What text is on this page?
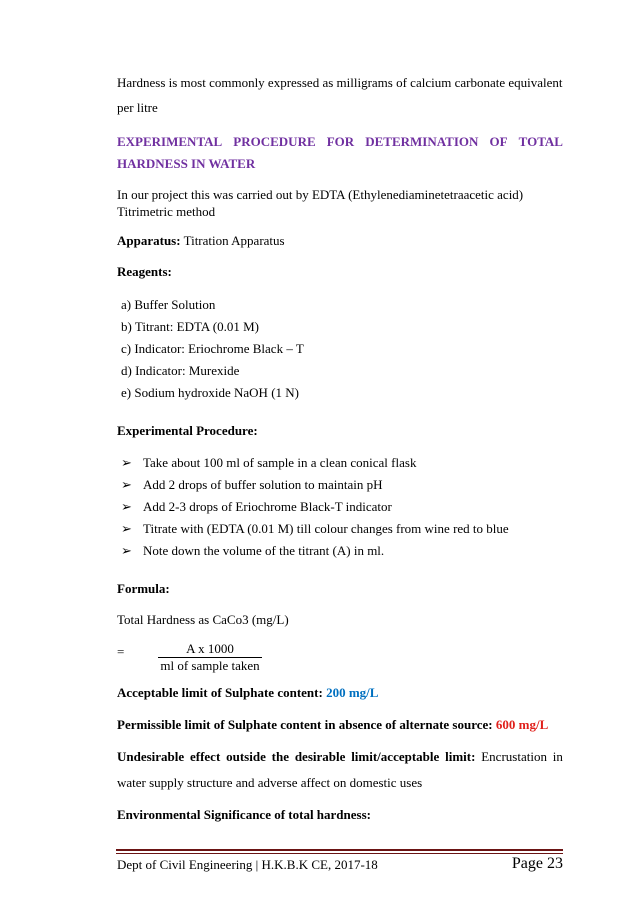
Hardness is most commonly expressed as milligrams of calcium carbonate equivalent
per litre
EXPERIMENTAL PROCEDURE FOR DETERMINATION OF TOTAL
HARDNESS IN WATER
In our project this was carried out by EDTA (Ethylenediaminetetraacetic acid)
Titrimetric method
Apparatus: Titration Apparatus
Reagents:
a) Buffer Solution
b) Titrant: EDTA (0.01 M)
c) Indicator: Eriochrome Black – T
d) Indicator: Murexide
e) Sodium hydroxide NaOH (1 N)
Experimental Procedure:
➢ Take about 100 ml of sample in a clean conical flask
➢ Add 2 drops of buffer solution to maintain pH
➢ Add 2-3 drops of Eriochrome Black-T indicator
➢ Titrate with (EDTA (0.01 M) till colour changes from wine red to blue
➢ Note down the volume of the titrant (A) in ml.
Formula:
Total Hardness as CaCo3 (mg/L)
=	A x 1000
ml of sample taken
Acceptable limit of Sulphate content: 200 mg/L
Permissible limit of Sulphate content in absence of alternate source: 600 mg/L
Undesirable effect outside the desirable limit/acceptable limit: Encrustation in
water supply structure and adverse affect on domestic uses
Environmental Significance of total hardness:
Dept of Civil Engineering | H.K.B.K CE, 2017-18	Page 23
